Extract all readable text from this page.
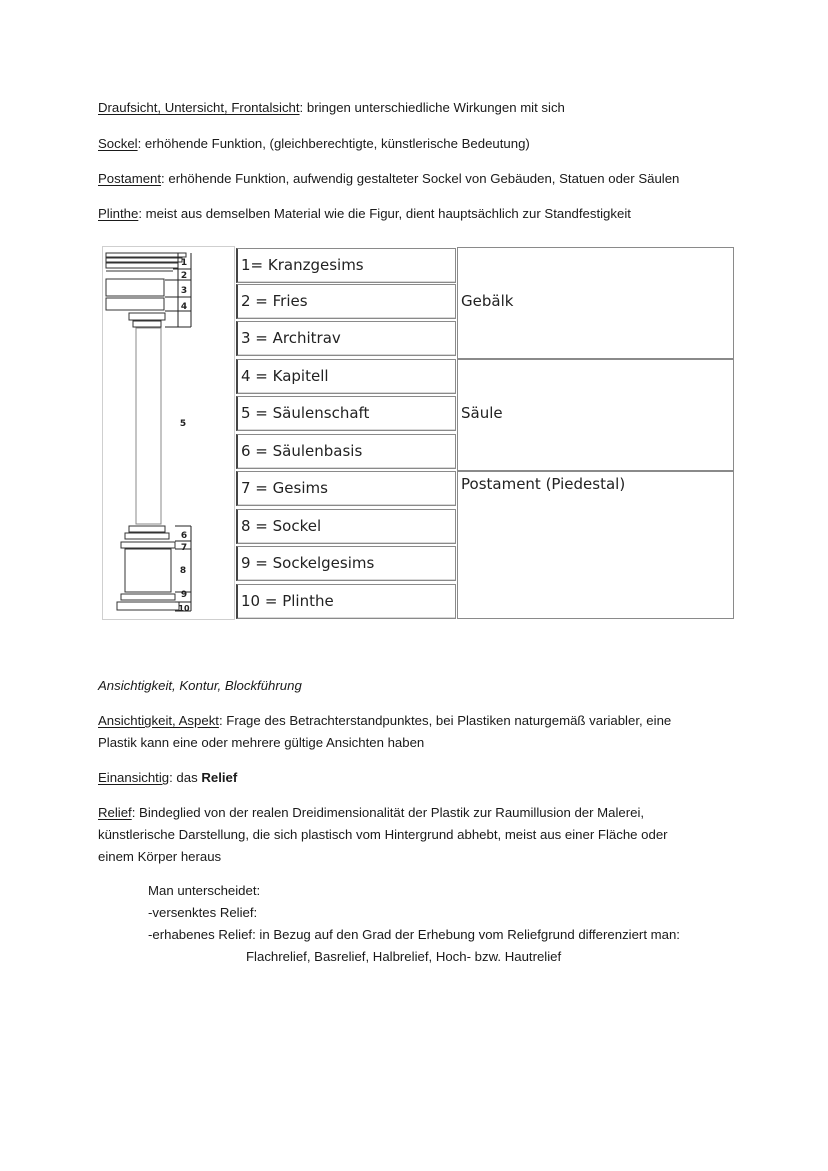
Draufsicht, Untersicht, Frontalsicht: bringen unterschiedliche Wirkungen mit sich
Sockel: erhöhende Funktion, (gleichberechtigte, künstlerische Bedeutung)
Postament: erhöhende Funktion, aufwendig gestalteter Sockel von Gebäuden, Statuen oder Säulen
Plinthe: meist aus demselben Material wie die Figur, dient hauptsächlich zur Standfestigkeit
1
2
3
4
5
6
7
8
9
10
1= Kranzgesims
2 = Fries
3 = Architrav
4 = Kapitell
5 = Säulenschaft
6 = Säulenbasis
7 = Gesims
8 = Sockel
9 = Sockelgesims
10 = Plinthe
Gebälk
Säule
Postament (Piedestal)
Ansichtigkeit, Kontur, Blockführung
Ansichtigkeit, Aspekt: Frage des Betrachterstandpunktes, bei Plastiken naturgemäß variabler, eine
Plastik kann eine oder mehrere gültige Ansichten haben
Einansichtig: das Relief
Relief: Bindeglied von der realen Dreidimensionalität der Plastik zur Raumillusion der Malerei,
künstlerische Darstellung, die sich plastisch vom Hintergrund abhebt, meist aus einer Fläche oder
einem Körper heraus
Man unterscheidet:
-versenktes Relief:
-erhabenes Relief: in Bezug auf den Grad der Erhebung vom Reliefgrund differenziert man:
Flachrelief, Basrelief, Halbrelief, Hoch- bzw. Hautrelief
